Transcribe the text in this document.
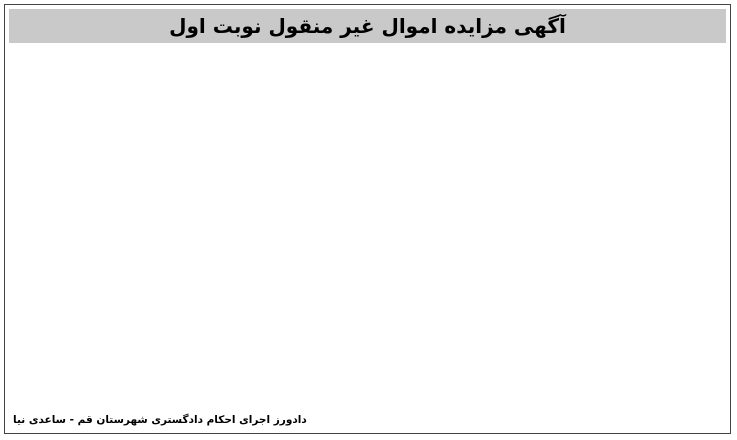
آگهی مزایده اموال غیر منقول نوبت اول
دادورز اجرای احکام دادگستری شهرستان قم - ساعدی نیا
